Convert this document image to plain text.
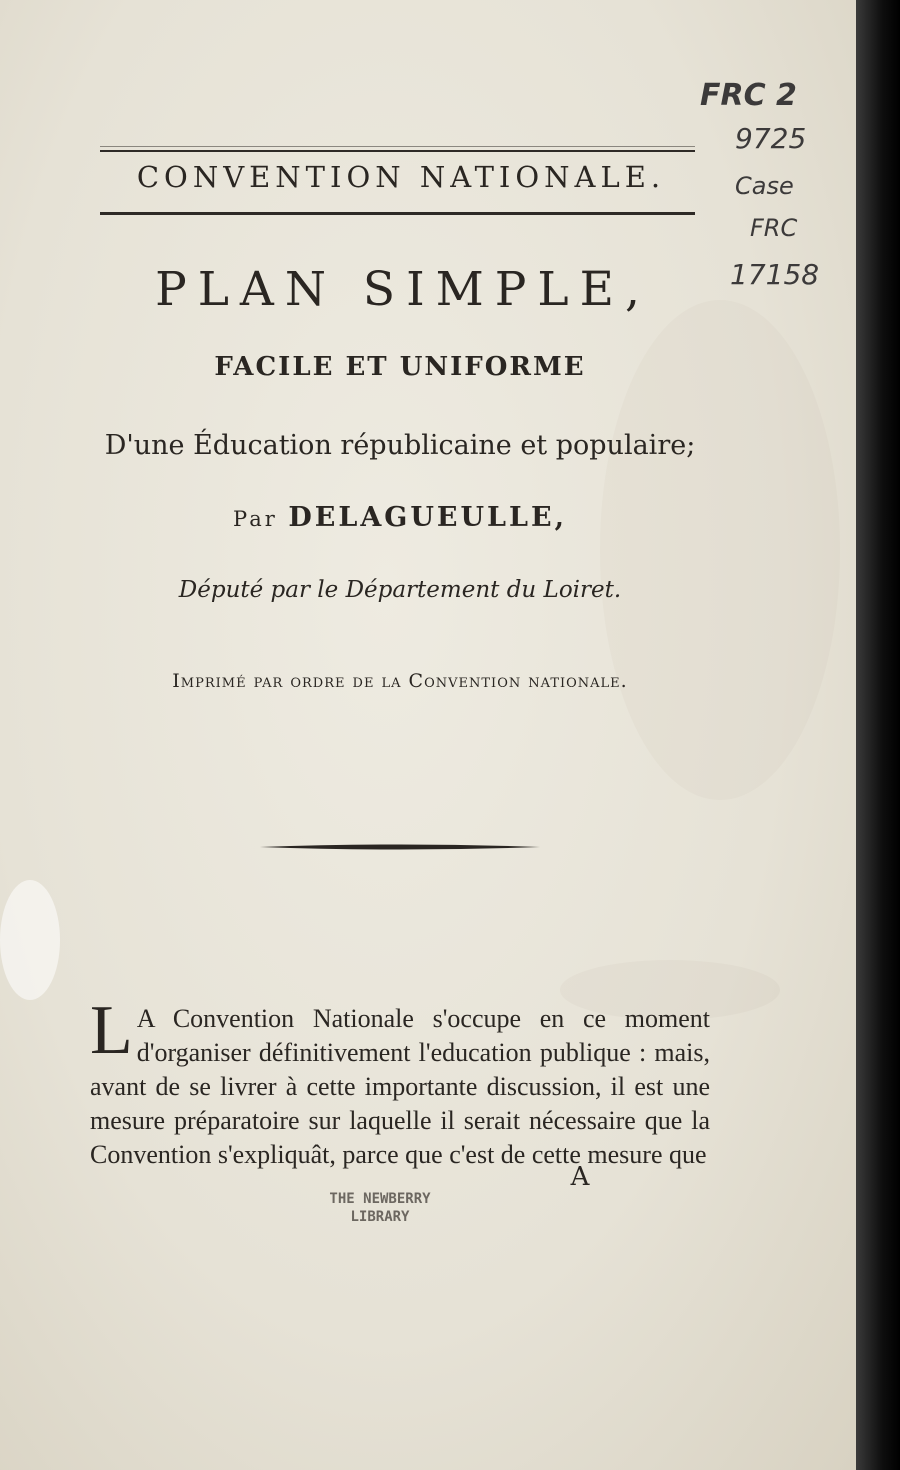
FRC 2
9725
Case
FRC
17158
CONVENTION NATIONALE.
PLAN SIMPLE,
FACILE ET UNIFORME
D'une Éducation républicaine et populaire;
Par DELAGUEULLE,
Député par le Département du Loiret.
Imprimé par ordre de la Convention nationale.
L A Convention Nationale s'occupe en ce moment d'organiser définitivement l'education publique : mais, avant de se livrer à cette importante discussion, il est une mesure préparatoire sur laquelle il serait nécessaire que la Convention s'expliquât, parce que c'est de cette mesure que
A
THE NEWBERRY
LIBRARY
